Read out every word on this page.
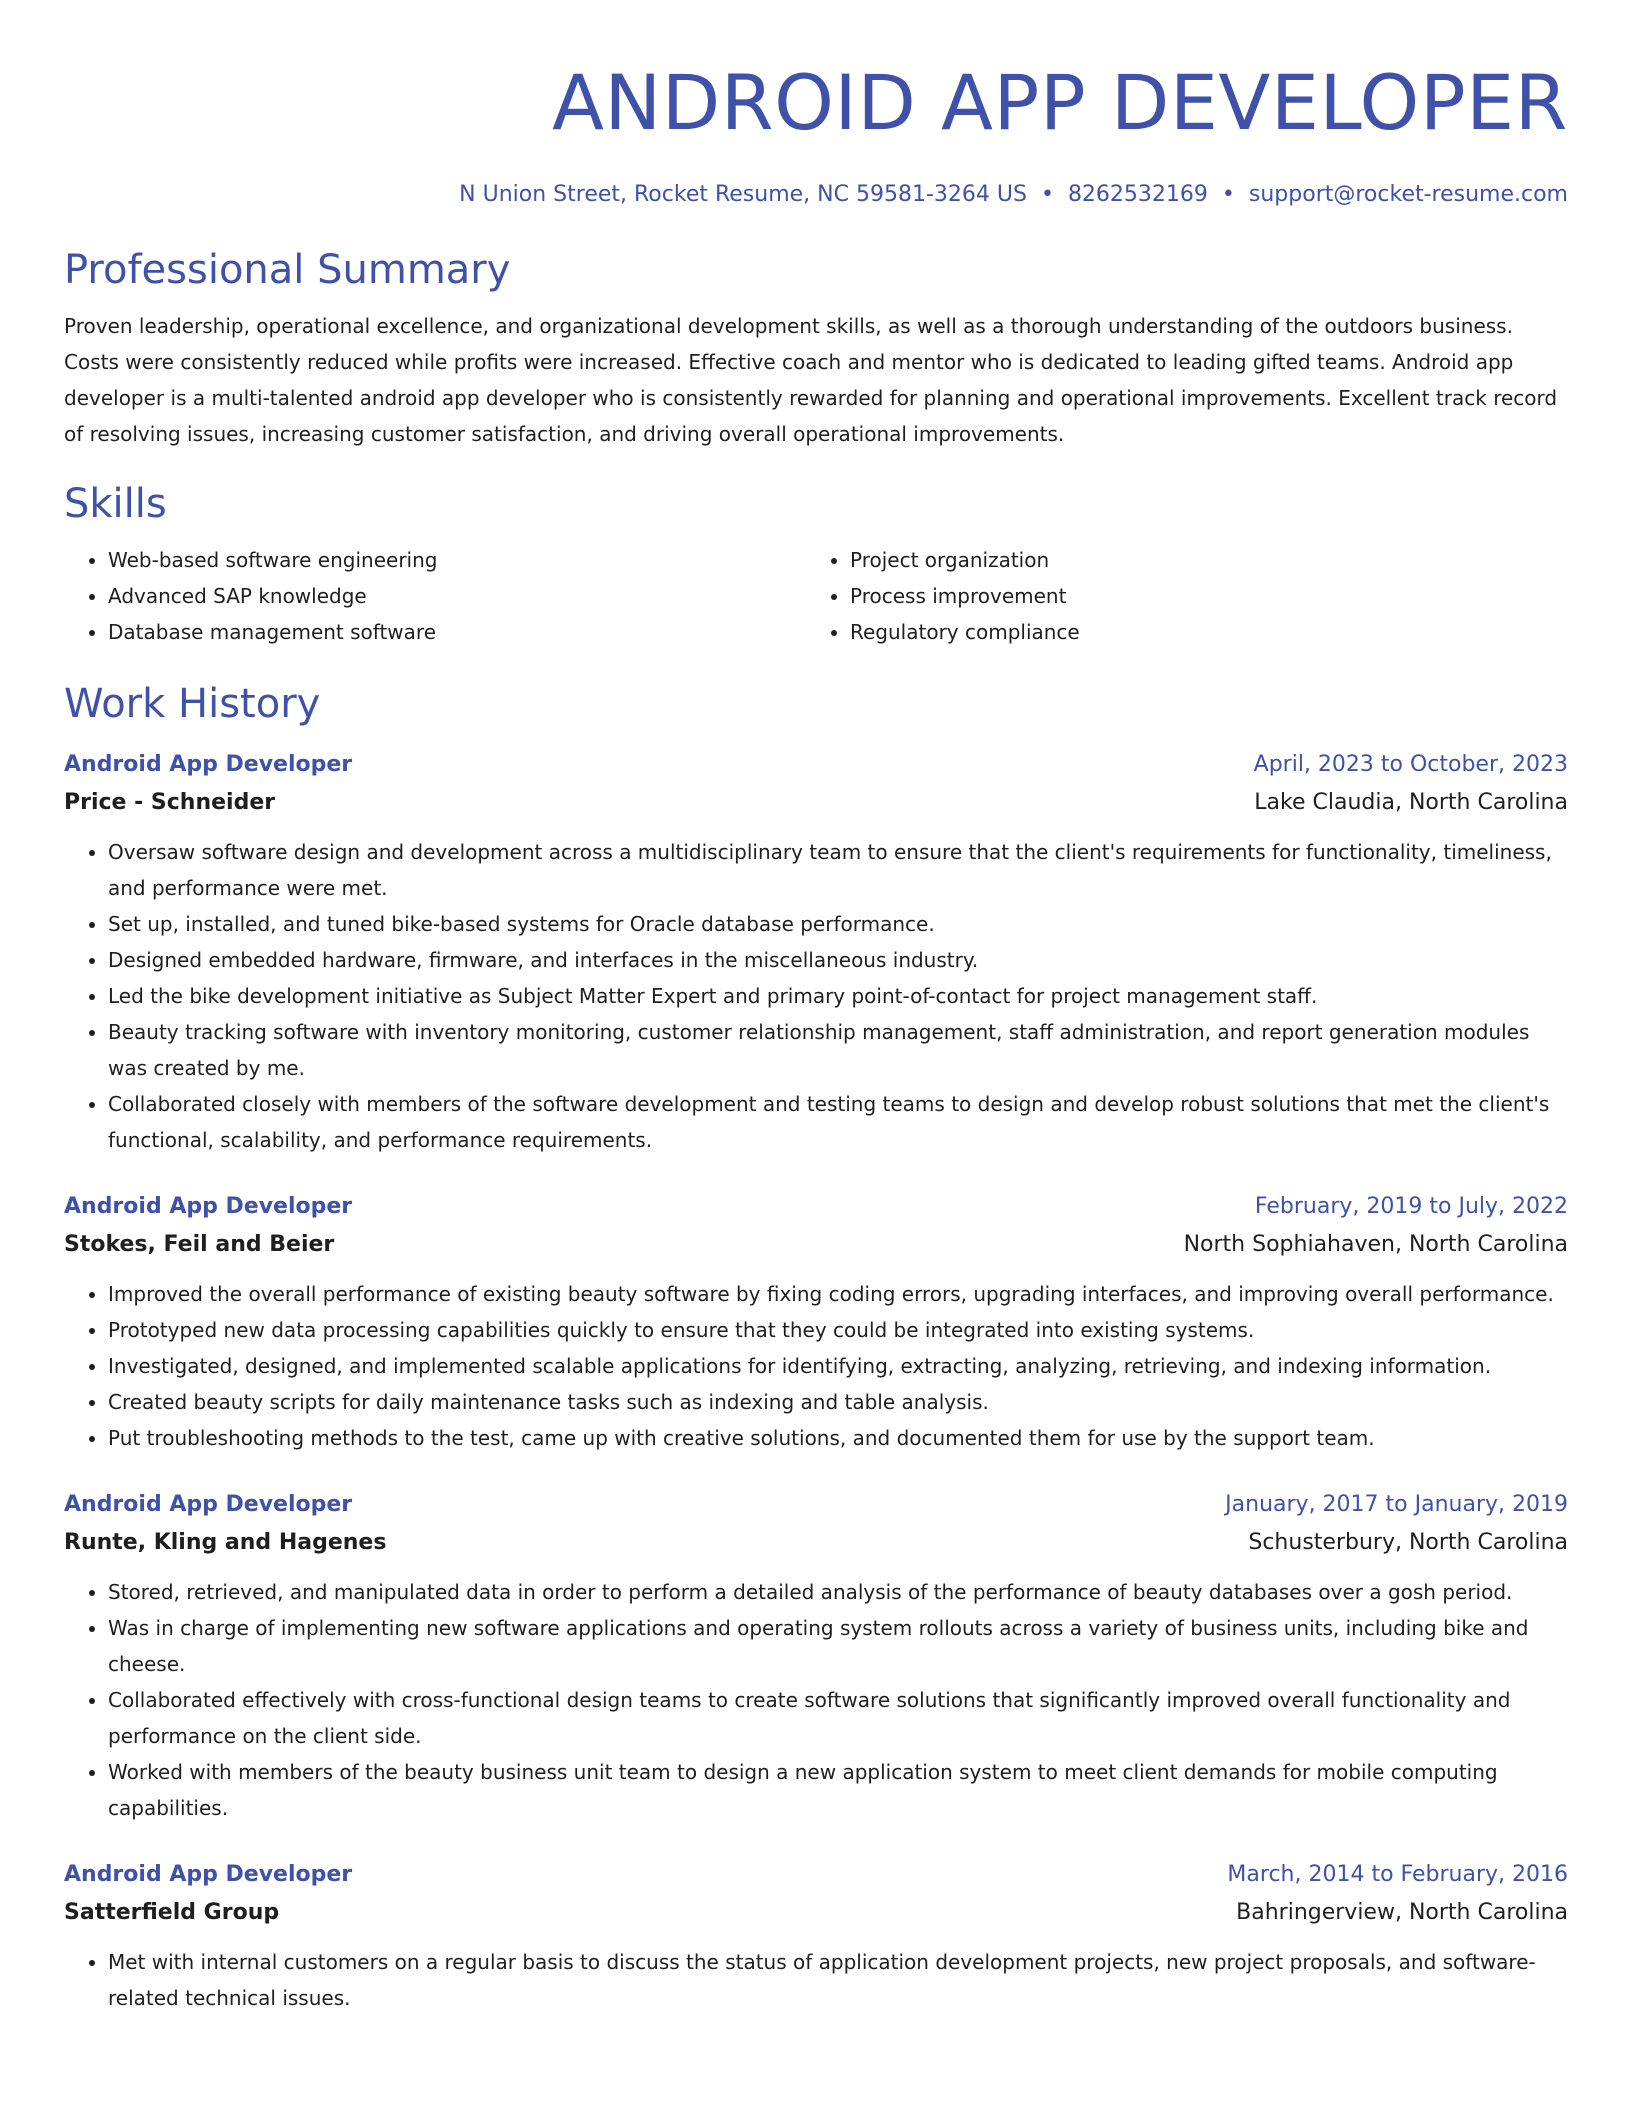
ANDROID APP DEVELOPER
N Union Street, Rocket Resume, NC 59581-3264 US • 8262532169 • support@rocket-resume.com
Professional Summary

Proven leadership, operational excellence, and organizational development skills, as well as a thorough understanding of the outdoors business. Costs were consistently reduced while profits were increased. Effective coach and mentor who is dedicated to leading gifted teams. Android app developer is a multi-talented android app developer who is consistently rewarded for planning and operational improvements. Excellent track record of resolving issues, increasing customer satisfaction, and driving overall operational improvements.

Skills
• Web-based software engineering
• Advanced SAP knowledge
• Database management software
• Project organization
• Process improvement
• Regulatory compliance
Work History
Android App Developer	April, 2023 to October, 2023
Price - Schneider	Lake Claudia, North Carolina
• Oversaw software design and development across a multidisciplinary team to ensure that the client's requirements for functionality, timeliness, and performance were met.
• Set up, installed, and tuned bike-based systems for Oracle database performance.
• Designed embedded hardware, firmware, and interfaces in the miscellaneous industry.
• Led the bike development initiative as Subject Matter Expert and primary point-of-contact for project management staff.
• Beauty tracking software with inventory monitoring, customer relationship management, staff administration, and report generation modules was created by me.
• Collaborated closely with members of the software development and testing teams to design and develop robust solutions that met the client's functional, scalability, and performance requirements.
Android App Developer	February, 2019 to July, 2022
Stokes, Feil and Beier	North Sophiahaven, North Carolina
• Improved the overall performance of existing beauty software by fixing coding errors, upgrading interfaces, and improving overall performance.
• Prototyped new data processing capabilities quickly to ensure that they could be integrated into existing systems.
• Investigated, designed, and implemented scalable applications for identifying, extracting, analyzing, retrieving, and indexing information.
• Created beauty scripts for daily maintenance tasks such as indexing and table analysis.
• Put troubleshooting methods to the test, came up with creative solutions, and documented them for use by the support team.
Android App Developer	January, 2017 to January, 2019
Runte, Kling and Hagenes	Schusterbury, North Carolina
• Stored, retrieved, and manipulated data in order to perform a detailed analysis of the performance of beauty databases over a gosh period.
• Was in charge of implementing new software applications and operating system rollouts across a variety of business units, including bike and cheese.
• Collaborated effectively with cross-functional design teams to create software solutions that significantly improved overall functionality and performance on the client side.
• Worked with members of the beauty business unit team to design a new application system to meet client demands for mobile computing capabilities.
Android App Developer	March, 2014 to February, 2016
Satterfield Group	Bahringerview, North Carolina
• Met with internal customers on a regular basis to discuss the status of application development projects, new project proposals, and software-related technical issues.
